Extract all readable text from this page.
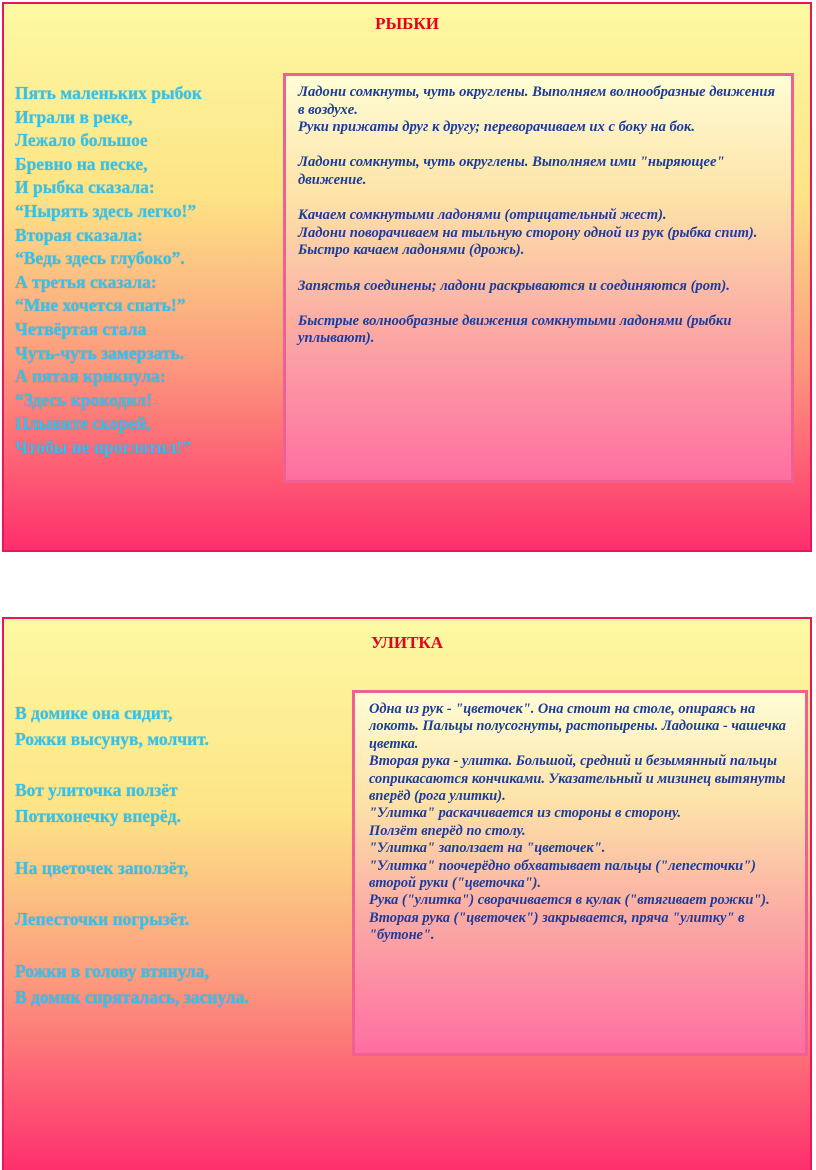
РЫБКИ
Пять маленьких рыбок
Играли в реке,
Лежало большое
Бревно на песке,
И рыбка сказала:
“Нырять здесь легко!”
Вторая сказала:
“Ведь здесь глубоко”.
А третья сказала:
“Мне хочется спать!”
Четвёртая стала
Чуть-чуть замерзать.
А пятая крикнула:
“Здесь крокодил!
Плывите скорей,
Чтобы не проглотил!”
Ладони сомкнуты, чуть округлены. Выполняем волнообразные движения в воздухе.
Руки прижаты друг к другу; переворачиваем их с боку на бок.
Ладони сомкнуты, чуть округлены. Выполняем ими "ныряющее" движение.
Качаем сомкнутыми ладонями (отрицательный жест).
Ладони поворачиваем на тыльную сторону одной из рук (рыбка спит).
Быстро качаем ладонями (дрожь).
Запястья соединены; ладони раскрываются и соединяются (рот).
Быстрые волнообразные движения сомкнутыми ладонями (рыбки уплывают).
УЛИТКА
В домике она сидит,
Рожки высунув, молчит.
Вот улиточка ползёт
Потихонечку вперёд.
На цветочек заползёт,
Лепесточки погрызёт.
Рожки в голову втянула,
В домик спряталась, заснула.
Одна из рук - "цветочек". Она стоит на столе, опираясь на локоть. Пальцы полусогнуты, растопырены. Ладошка - чашечка цветка.
Вторая рука - улитка. Большой, средний и безымянный пальцы соприкасаются кончиками. Указательный и мизинец вытянуты вперёд (рога улитки).
"Улитка" раскачивается из стороны в сторону.
Ползёт вперёд по столу.
"Улитка" заползает на "цветочек".
"Улитка" поочерёдно обхватывает пальцы ("лепесточки") второй руки ("цветочка").
Рука ("улитка") сворачивается в кулак ("втягивает рожки").
Вторая рука ("цветочек") закрывается, пряча "улитку" в "бутоне".
